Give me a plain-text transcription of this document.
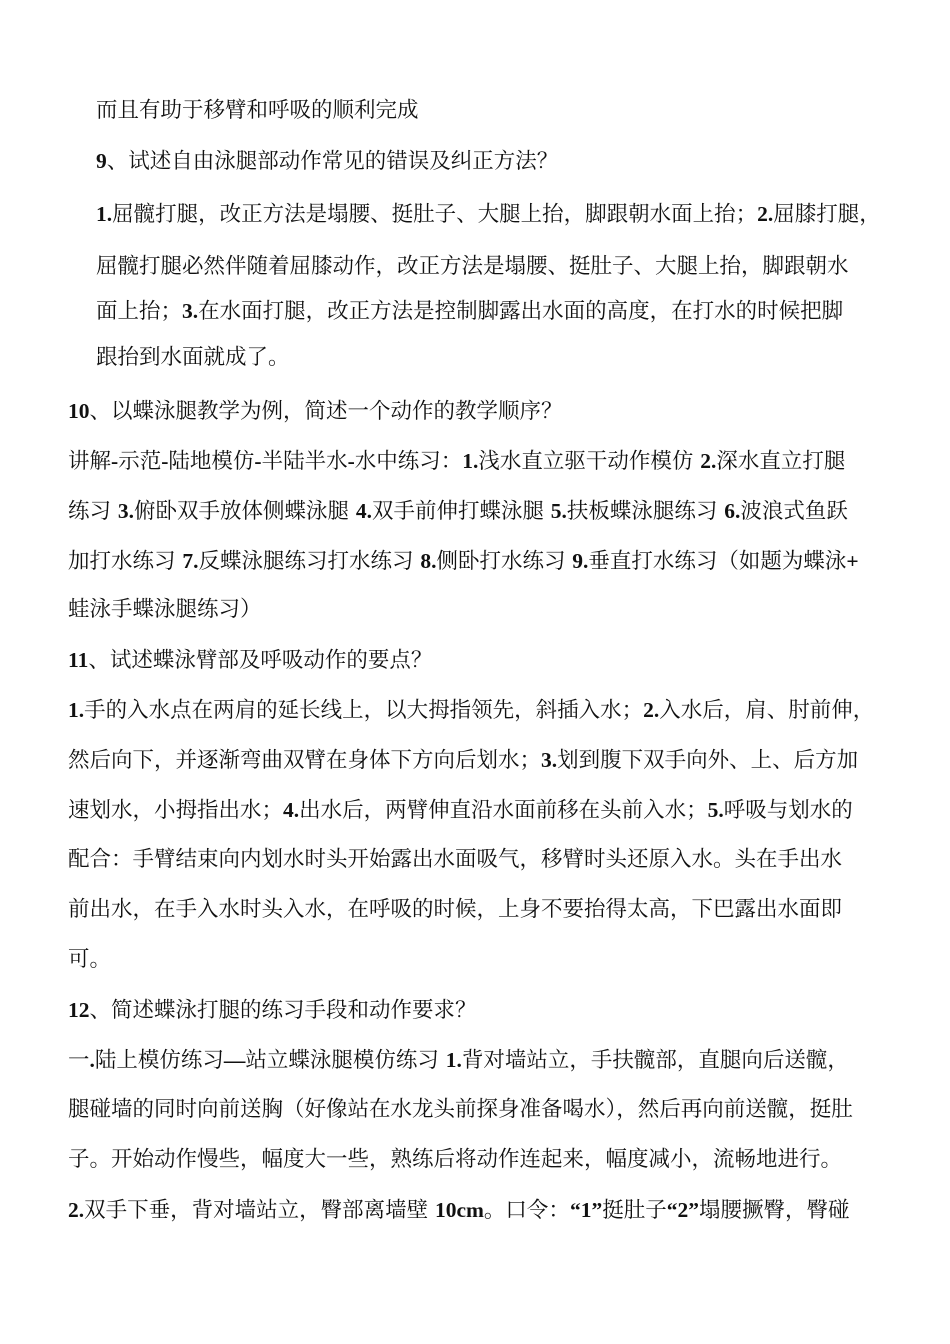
而且有助于移臂和呼吸的顺利完成
9、试述自由泳腿部动作常见的错误及纠正方法？
1.屈髋打腿，改正方法是塌腰、挺肚子、大腿上抬，脚跟朝水面上抬；2.屈膝打腿，
屈髋打腿必然伴随着屈膝动作，改正方法是塌腰、挺肚子、大腿上抬，脚跟朝水
面上抬；3.在水面打腿，改正方法是控制脚露出水面的高度，在打水的时候把脚
跟抬到水面就成了。
10、以蝶泳腿教学为例，简述一个动作的教学顺序？
讲解-示范-陆地模仿-半陆半水-水中练习：1.浅水直立驱干动作模仿 2.深水直立打腿
练习 3.俯卧双手放体侧蝶泳腿 4.双手前伸打蝶泳腿 5.扶板蝶泳腿练习 6.波浪式鱼跃
加打水练习 7.反蝶泳腿练习打水练习 8.侧卧打水练习 9.垂直打水练习（如题为蝶泳+
蛙泳手蝶泳腿练习）
11、试述蝶泳臂部及呼吸动作的要点？
1.手的入水点在两肩的延长线上，以大拇指领先，斜插入水；2.入水后，肩、肘前伸，
然后向下，并逐渐弯曲双臂在身体下方向后划水；3.划到腹下双手向外、上、后方加
速划水，小拇指出水；4.出水后，两臂伸直沿水面前移在头前入水；5.呼吸与划水的
配合：手臂结束向内划水时头开始露出水面吸气，移臂时头还原入水。头在手出水
前出水，在手入水时头入水，在呼吸的时候，上身不要抬得太高，下巴露出水面即
可。
12、简述蝶泳打腿的练习手段和动作要求？
一.陆上模仿练习—站立蝶泳腿模仿练习 1.背对墙站立，手扶髋部，直腿向后送髋，
腿碰墙的同时向前送胸（好像站在水龙头前探身准备喝水），然后再向前送髋，挺肚
子。开始动作慢些，幅度大一些，熟练后将动作连起来，幅度减小，流畅地进行。
2.双手下垂，背对墙站立，臀部离墙壁 10cm。口令：“1”挺肚子“2”塌腰撅臀，臀碰
